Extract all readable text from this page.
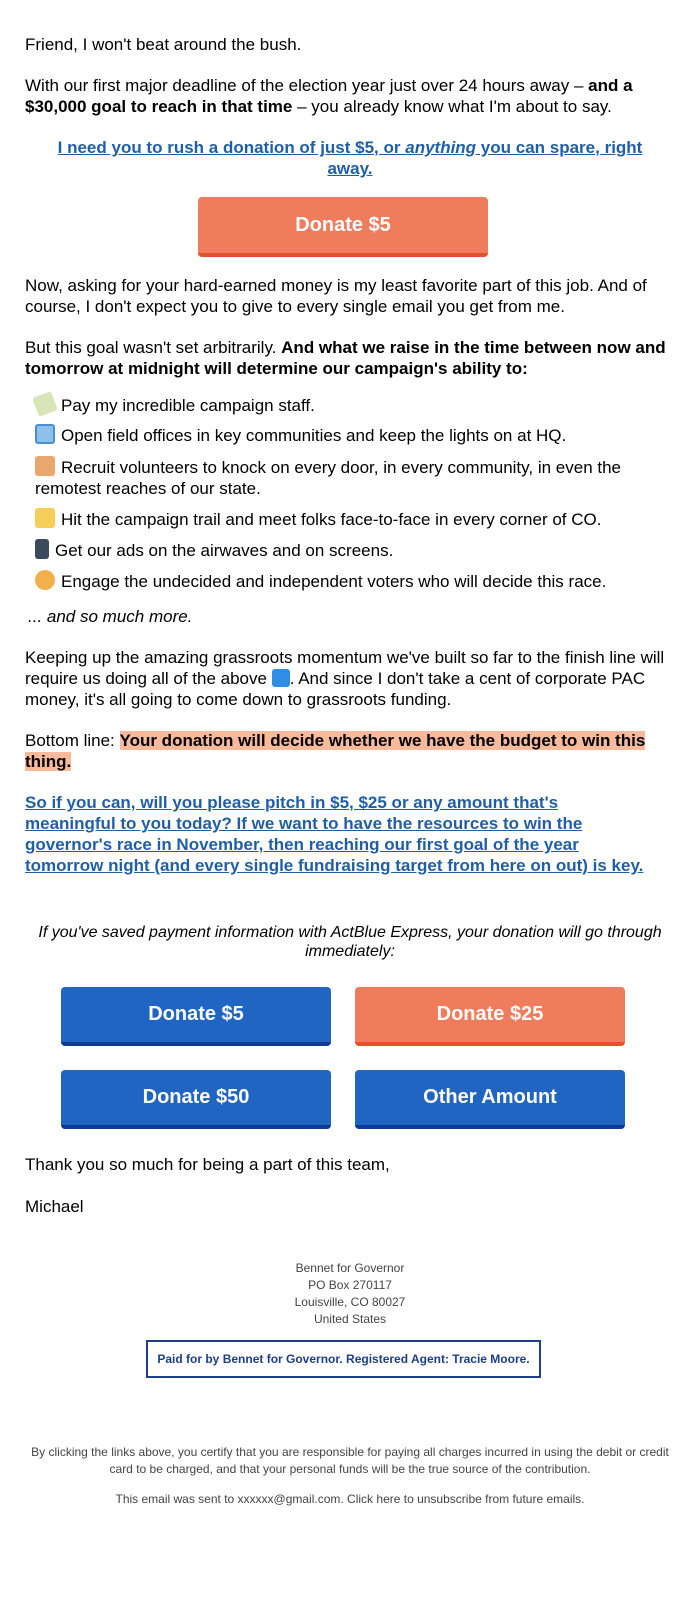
Friend, I won't beat around the bush.
With our first major deadline of the election year just over 24 hours away – and a $30,000 goal to reach in that time – you already know what I'm about to say.
I need you to rush a donation of just $5, or anything you can spare, right away.
Donate $5
Now, asking for your hard-earned money is my least favorite part of this job. And of course, I don't expect you to give to every single email you get from me.
But this goal wasn't set arbitrarily. And what we raise in the time between now and tomorrow at midnight will determine our campaign's ability to:
Pay my incredible campaign staff.
Open field offices in key communities and keep the lights on at HQ.
Recruit volunteers to knock on every door, in every community, in even the remotest reaches of our state.
Hit the campaign trail and meet folks face-to-face in every corner of CO.
Get our ads on the airwaves and on screens.
Engage the undecided and independent voters who will decide this race.
... and so much more.
Keeping up the amazing grassroots momentum we've built so far to the finish line will require us doing all of the above . And since I don't take a cent of corporate PAC money, it's all going to come down to grassroots funding.
Bottom line: Your donation will decide whether we have the budget to win this thing.
So if you can, will you please pitch in $5, $25 or any amount that's meaningful to you today? If we want to have the resources to win the governor's race in November, then reaching our first goal of the year tomorrow night (and every single fundraising target from here on out) is key.
If you've saved payment information with ActBlue Express, your donation will go through immediately:
Donate $5	Donate $25
Donate $50	Other Amount
Thank you so much for being a part of this team,
Michael
Bennet for Governor
PO Box 270117
Louisville, CO 80027
United States
Paid for by Bennet for Governor. Registered Agent: Tracie Moore.
By clicking the links above, you certify that you are responsible for paying all charges incurred in using the debit or credit card to be charged, and that your personal funds will be the true source of the contribution.
This email was sent to xxxxxx@gmail.com. Click here to unsubscribe from future emails.
